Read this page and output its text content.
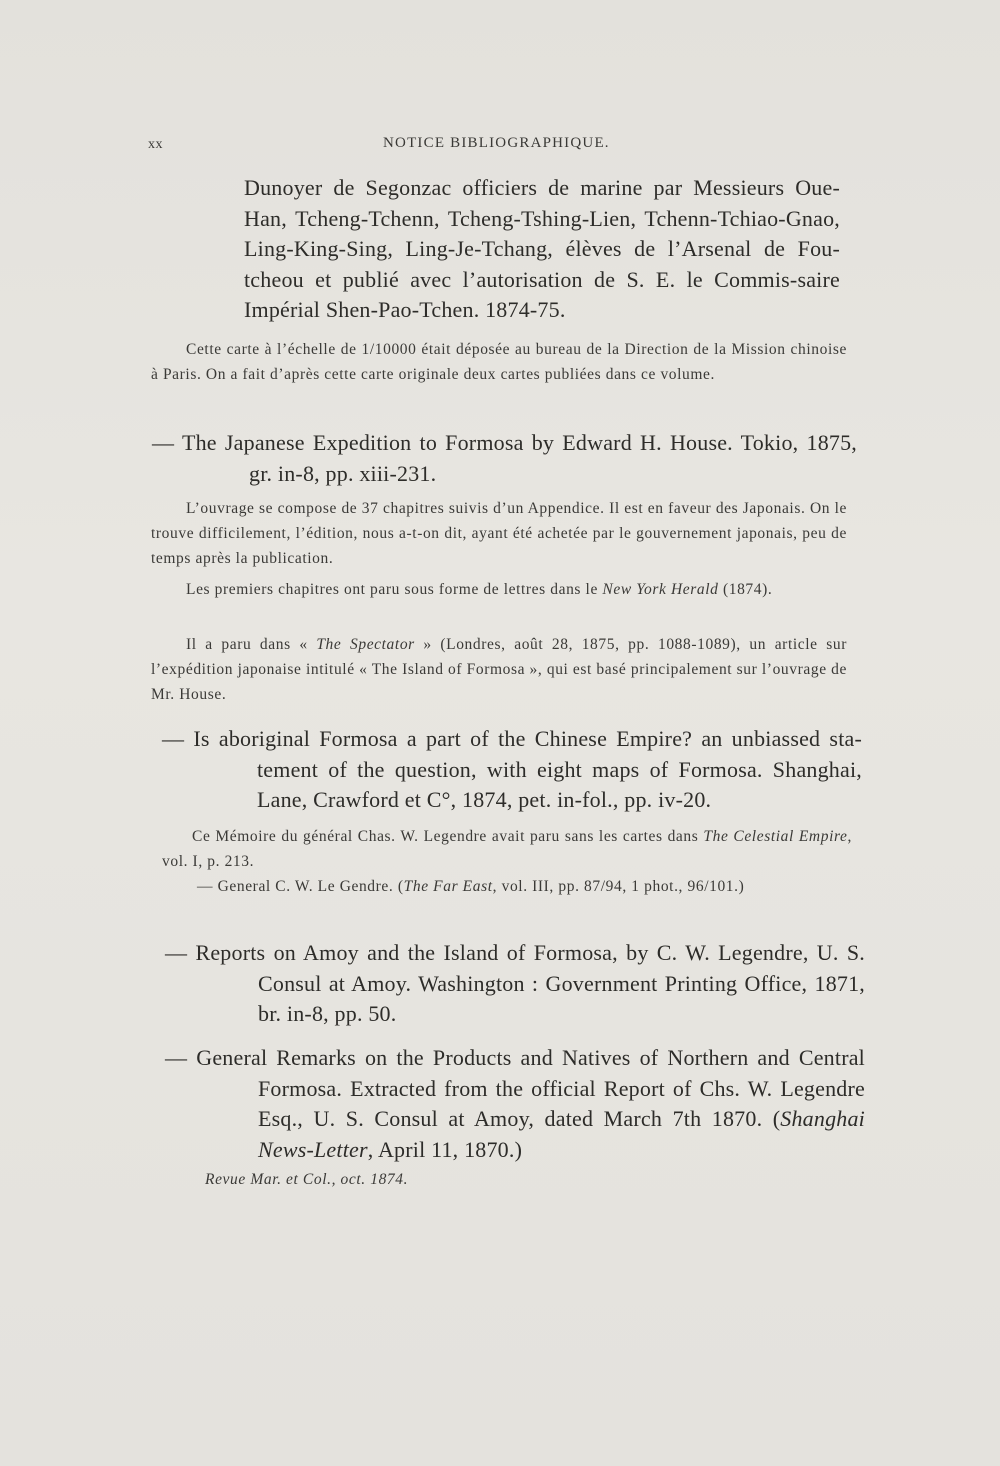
xx	NOTICE BIBLIOGRAPHIQUE.
Dunoyer de Segonzac officiers de marine par Messieurs Oue-Han, Tcheng-Tchenn, Tcheng-Tshing-Lien, Tchenn-Tchiao-Gnao, Ling-King-Sing, Ling-Je-Tchang, élèves de l’Arsenal de Fou-tcheou et publié avec l’autorisation de S. E. le Commis-saire Impérial Shen-Pao-Tchen. 1874-75.
Cette carte à l’échelle de 1/10000 était déposée au bureau de la Direction de la Mission chinoise à Paris. On a fait d’après cette carte originale deux cartes publiées dans ce volume.
— The Japanese Expedition to Formosa by Edward H. House. Tokio, 1875, gr. in-8, pp. xiii-231.
L’ouvrage se compose de 37 chapitres suivis d’un Appendice. Il est en faveur des Japonais. On le trouve difficilement, l’édition, nous a-t-on dit, ayant été achetée par le gouvernement japonais, peu de temps après la publication.
Les premiers chapitres ont paru sous forme de lettres dans le New York Herald (1874).
Il a paru dans « The Spectator » (Londres, août 28, 1875, pp. 1088-1089), un article sur l’expédition japonaise intitulé « The Island of Formosa », qui est basé principalement sur l’ouvrage de Mr. House.
— Is aboriginal Formosa a part of the Chinese Empire? an unbiassed sta-tement of the question, with eight maps of Formosa. Shanghai, Lane, Crawford et C°, 1874, pet. in-fol., pp. iv-20.
Ce Mémoire du général Chas. W. Legendre avait paru sans les cartes dans The Celestial Empire, vol. I, p. 213.
— General C. W. Le Gendre. (The Far East, vol. III, pp. 87/94, 1 phot., 96/101.)
— Reports on Amoy and the Island of Formosa, by C. W. Legendre, U. S. Consul at Amoy. Washington : Government Printing Office, 1871, br. in-8, pp. 50.
— General Remarks on the Products and Natives of Northern and Central Formosa. Extracted from the official Report of Chs. W. Legendre Esq., U. S. Consul at Amoy, dated March 7th 1870. (Shanghai News-Letter, April 11, 1870.)
Revue Mar. et Col., oct. 1874.
